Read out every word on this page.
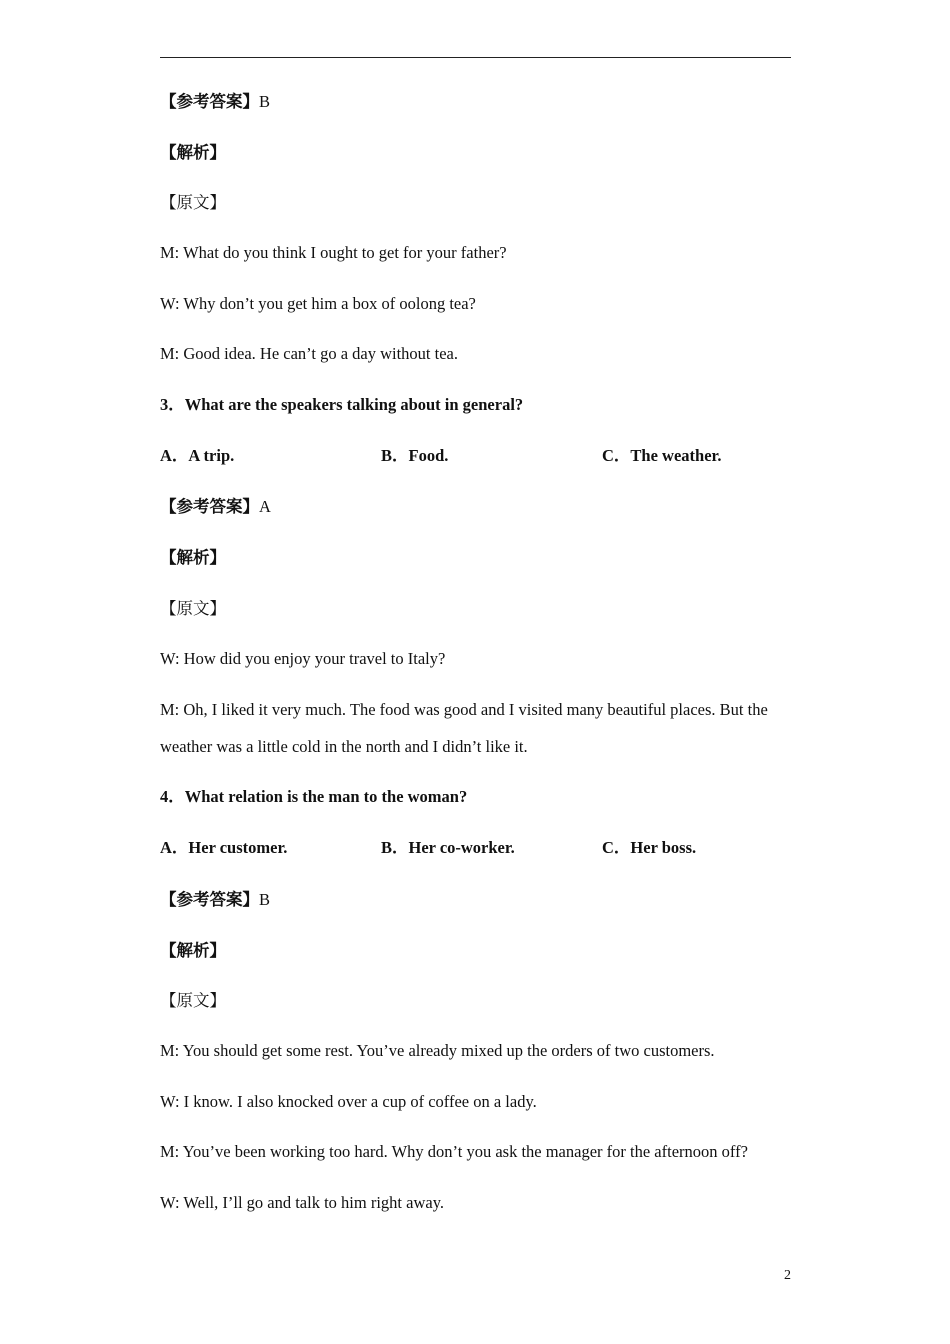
【参考答案】B
【解析】
【原文】
M: What do you think I ought to get for your father?
W: Why don’t you get him a box of oolong tea?
M: Good idea. He can’t go a day without tea.
3．What are the speakers talking about in general?
A．A trip.	B．Food.	C．The weather.
【参考答案】A
【解析】
【原文】
W: How did you enjoy your travel to Italy?
M: Oh, I liked it very much. The food was good and I visited many beautiful places. But the
weather was a little cold in the north and I didn’t like it.
4．What relation is the man to the woman?
A．Her customer.	B．Her co-worker.	C．Her boss.
【参考答案】B
【解析】
【原文】
M: You should get some rest. You’ve already mixed up the orders of two customers.
W: I know. I also knocked over a cup of coffee on a lady.
M: You’ve been working too hard. Why don’t you ask the manager for the afternoon off?
W: Well, I’ll go and talk to him right away.
2
